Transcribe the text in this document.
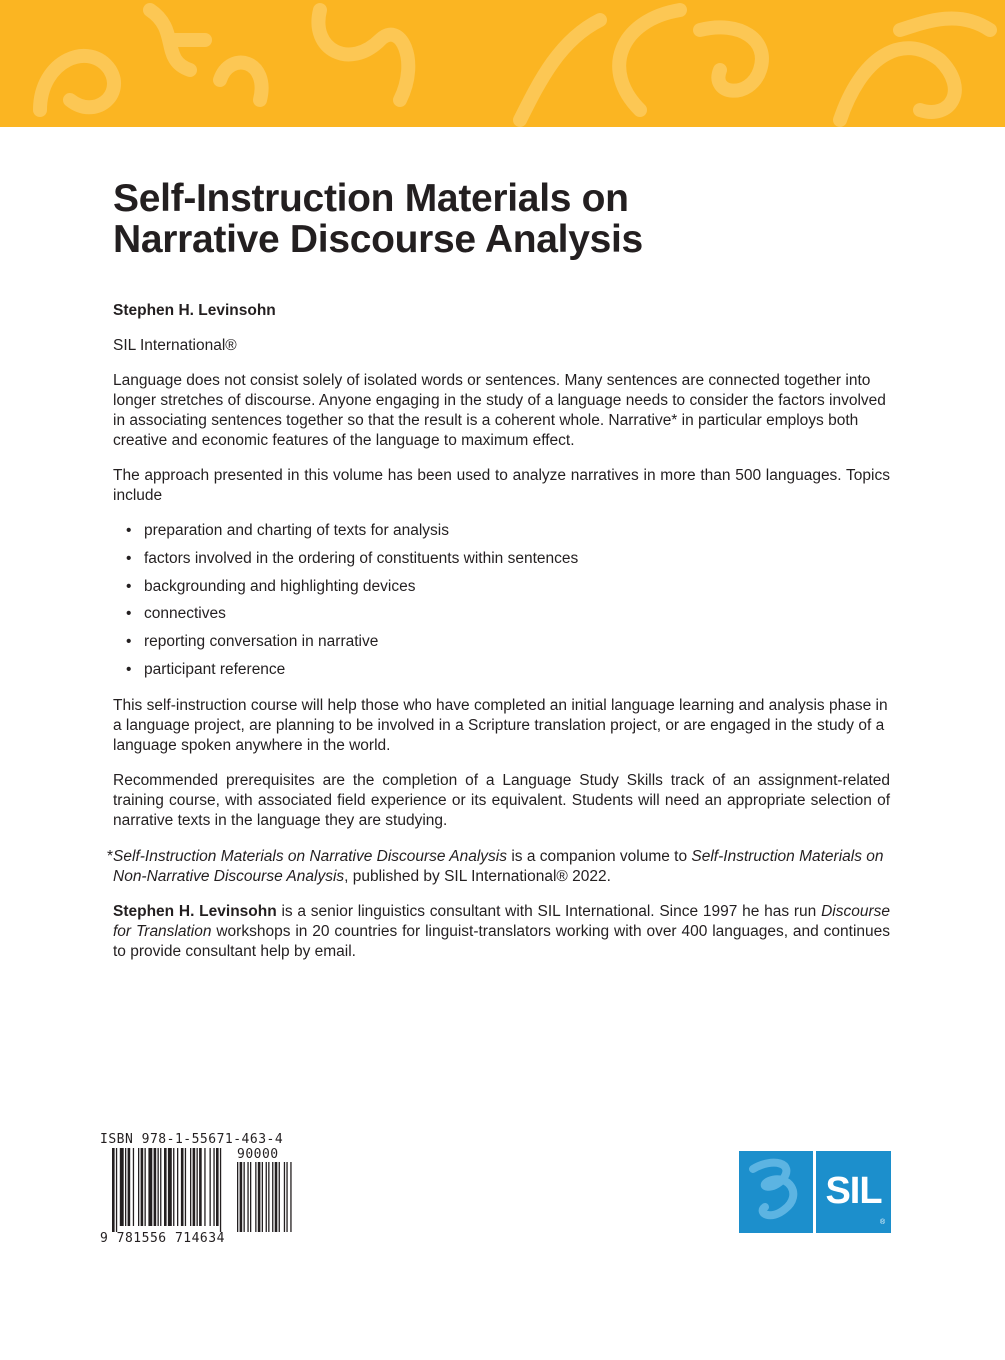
Self-Instruction Materials on
Narrative Discourse Analysis

Stephen H. Levinsohn

SIL International®

Language does not consist solely of isolated words or sentences. Many sentences are connected together into longer stretches of discourse. Anyone engaging in the study of a language needs to consider the factors involved in associating sentences together so that the result is a coherent whole. Narrative* in particular employs both creative and economic features of the language to maximum effect.

The approach presented in this volume has been used to analyze narratives in more than 500 languages. Topics include

• preparation and charting of texts for analysis
• factors involved in the ordering of constituents within sentences
• backgrounding and highlighting devices
• connectives
• reporting conversation in narrative
• participant reference

This self-instruction course will help those who have completed an initial language learning and analysis phase in a language project, are planning to be involved in a Scripture translation project, or are engaged in the study of a language spoken anywhere in the world.

Recommended prerequisites are the completion of a Language Study Skills track of an assignment-related training course, with associated field experience or its equivalent. Students will need an appropriate selection of narrative texts in the language they are studying.

*Self-Instruction Materials on Narrative Discourse Analysis is a companion volume to Self-Instruction Materials on
Non-Narrative Discourse Analysis, published by SIL International® 2022.

Stephen H. Levinsohn is a senior linguistics consultant with SIL International. Since 1997 he has run Discourse for Translation workshops in 20 countries for linguist-translators working with over 400 languages, and continues to provide consultant help by email.

ISBN 978-1-55671-463-4
90000
9 781556 714634
SIL
®
